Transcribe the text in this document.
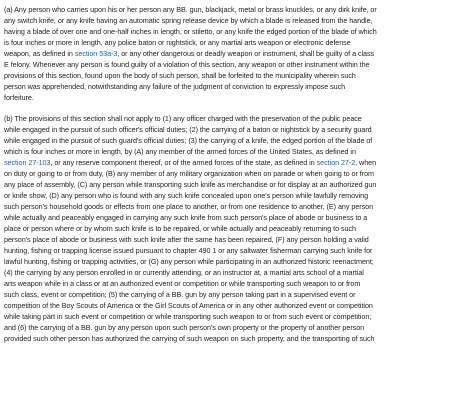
(a) Any person who carries upon his or her person any BB. gun, blackjack, metal or brass knuckles, or any dirk knife, or
any switch knife, or any knife having an automatic spring release device by which a blade is released from the handle,
having a blade of over one and one-half inches in length, or stiletto, or any knife the edged portion of the blade of which
is four inches or more in length, any police baton or nightstick, or any martial arts weapon or electronic defense
weapon, as defined in section 53a-3, or any other dangerous or deadly weapon or instrument, shall be guilty of a class
E felony. Whenever any person is found guilty of a violation of this section, any weapon or other instrument within the
provisions of this section, found upon the body of such person, shall be forfeited to the municipality wherein such
person was apprehended, notwithstanding any failure of the judgment of conviction to expressly impose such
forfeiture.

(b) The provisions of this section shall not apply to (1) any officer charged with the preservation of the public peace
while engaged in the pursuit of such officer's official duties; (2) the carrying of a baton or nightstick by a security guard
while engaged in the pursuit of such guard's official duties; (3) the carrying of a knife, the edged portion of the blade of
which is four inches or more in length, by (A) any member of the armed forces of the United States, as defined in
section 27-103, or any reserve component thereof, or of the armed forces of the state, as defined in section 27-2, when
on duty or going to or from duty, (B) any member of any military organization when on parade or when going to or from
any place of assembly, (C) any person while transporting such knife as merchandise or for display at an authorized gun
or knife show, (D) any person who is found with any such knife concealed upon one's person while lawfully removing
such person's household goods or effects from one place to another, or from one residence to another, (E) any person
while actually and peaceably engaged in carrying any such knife from such person's place of abode or business to a
place or person where or by whom such knife is to be repaired, or while actually and peaceably returning to such
person's place of abode or business with such knife after the same has been repaired, (F) any person holding a valid
hunting, fishing or trapping license issued pursuant to chapter 490 1 or any saltwater fisherman carrying such knife for
lawful hunting, fishing or trapping activities, or (G) any person while participating in an authorized historic reenactment;
(4) the carrying by any person enrolled in or currently attending, or an instructor at, a martial arts school of a martial
arts weapon while in a class or at an authorized event or competition or while transporting such weapon to or from
such class, event or competition; (5) the carrying of a BB. gun by any person taking part in a supervised event or
competition of the Boy Scouts of America or the Girl Scouts of America or in any other authorized event or competition
while taking part in such event or competition or while transporting such weapon to or from such event or competition;
and (6) the carrying of a BB. gun by any person upon such person's own property or the property of another person
provided such other person has authorized the carrying of such weapon on such property, and the transporting of such
